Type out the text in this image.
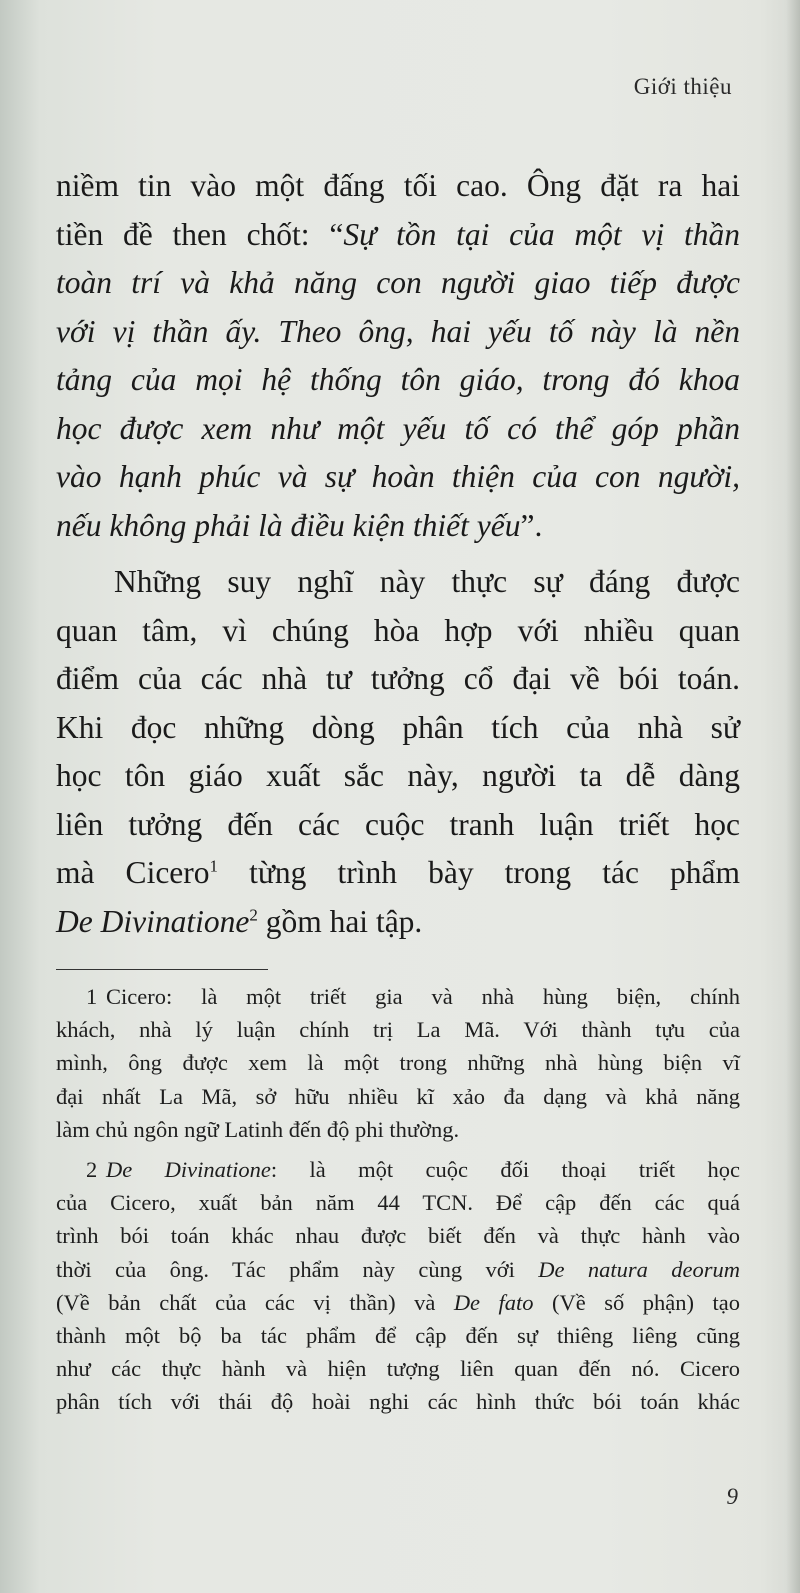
Giới thiệu
niềm tin vào một đấng tối cao. Ông đặt ra hai
tiền đề then chốt: “Sự tồn tại của một vị thần
toàn trí và khả năng con người giao tiếp được
với vị thần ấy. Theo ông, hai yếu tố này là nền
tảng của mọi hệ thống tôn giáo, trong đó khoa
học được xem như một yếu tố có thể góp phần
vào hạnh phúc và sự hoàn thiện của con người,
nếu không phải là điều kiện thiết yếu”.
Những suy nghĩ này thực sự đáng được
quan tâm, vì chúng hòa hợp với nhiều quan
điểm của các nhà tư tưởng cổ đại về bói toán.
Khi đọc những dòng phân tích của nhà sử
học tôn giáo xuất sắc này, người ta dễ dàng
liên tưởng đến các cuộc tranh luận triết học
mà Cicero$^1$ từng trình bày trong tác phẩm
De Divinatione$^2$ gồm hai tập.
1 Cicero: là một triết gia và nhà hùng biện, chính
khách, nhà lý luận chính trị La Mã. Với thành tựu của
mình, ông được xem là một trong những nhà hùng biện vĩ
đại nhất La Mã, sở hữu nhiều kĩ xảo đa dạng và khả năng
làm chủ ngôn ngữ Latinh đến độ phi thường.
2 De Divinatione: là một cuộc đối thoại triết học
của Cicero, xuất bản năm 44 TCN. Để cập đến các quá
trình bói toán khác nhau được biết đến và thực hành vào
thời của ông. Tác phẩm này cùng với De natura deorum
(Về bản chất của các vị thần) và De fato (Về số phận) tạo
thành một bộ ba tác phẩm để cập đến sự thiêng liêng cũng
như các thực hành và hiện tượng liên quan đến nó. Cicero
phân tích với thái độ hoài nghi các hình thức bói toán khác
9
